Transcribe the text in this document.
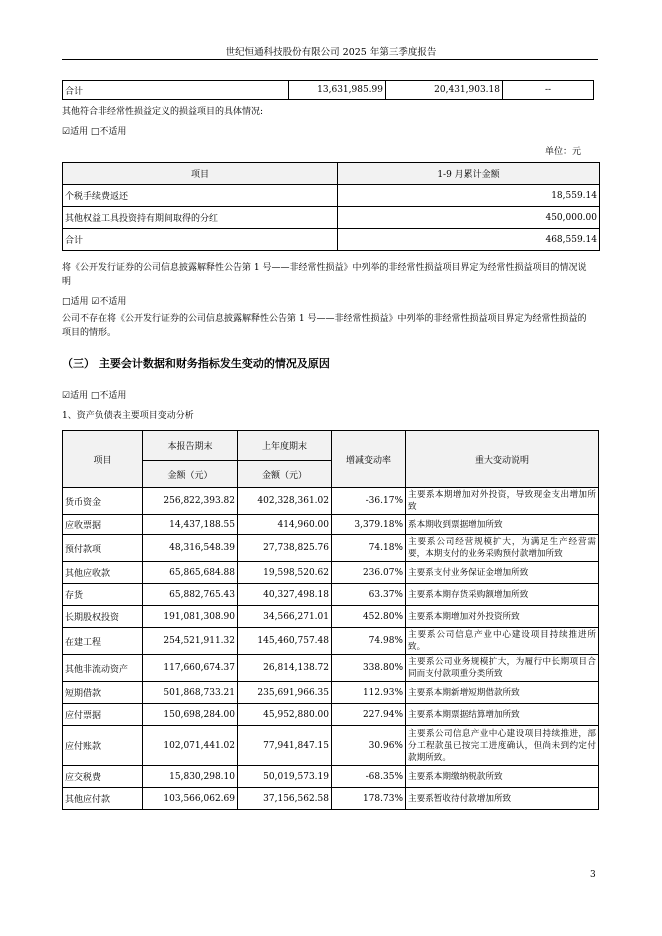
世纪恒通科技股份有限公司 2025 年第三季度报告
合计	13,631,985.99	20,431,903.18	--
其他符合非经常性损益定义的损益项目的具体情况:
☑适用 □不适用
单位：元
项目	1-9 月累计金额
个税手续费返还	18,559.14
其他权益工具投资持有期间取得的分红	450,000.00
合计	468,559.14
将《公开发行证券的公司信息披露解释性公告第 1 号——非经常性损益》中列举的非经常性损益项目界定为经常性损益项目的情况说明
□适用 ☑不适用
公司不存在将《公开发行证券的公司信息披露解释性公告第 1 号——非经常性损益》中列举的非经常性损益项目界定为经常性损益的项目的情形。
（三） 主要会计数据和财务指标发生变动的情况及原因
☑适用 □不适用
1、资产负债表主要项目变动分析
项目	本报告期末	上年度期末	增减变动率	重大变动说明
	金额（元）	金额（元）		
货币资金	256,822,393.82	402,328,361.02	-36.17%	主要系本期增加对外投资，导致现金支出增加所致
应收票据	14,437,188.55	414,960.00	3,379.18%	系本期收到票据增加所致
预付款项	48,316,548.39	27,738,825.76	74.18%	主要系公司经营规模扩大，为满足生产经营需要，本期支付的业务采购预付款增加所致
其他应收款	65,865,684.88	19,598,520.62	236.07%	主要系支付业务保证金增加所致
存货	65,882,765.43	40,327,498.18	63.37%	主要系本期存货采购额增加所致
长期股权投资	191,081,308.90	34,566,271.01	452.80%	主要系本期增加对外投资所致
在建工程	254,521,911.32	145,460,757.48	74.98%	主要系公司信息产业中心建设项目持续推进所致。
其他非流动资产	117,660,674.37	26,814,138.72	338.80%	主要系公司业务规模扩大，为履行中长期项目合同而支付款项重分类所致
短期借款	501,868,733.21	235,691,966.35	112.93%	主要系本期新增短期借款所致
应付票据	150,698,284.00	45,952,880.00	227.94%	主要系本期票据结算增加所致
应付账款	102,071,441.02	77,941,847.15	30.96%	主要系公司信息产业中心建设项目持续推进，部分工程款虽已按完工进度确认，但尚未到约定付款期所致。
应交税费	15,830,298.10	50,019,573.19	-68.35%	主要系本期缴纳税款所致
其他应付款	103,566,062.69	37,156,562.58	178.73%	主要系暂收待付款增加所致
3
